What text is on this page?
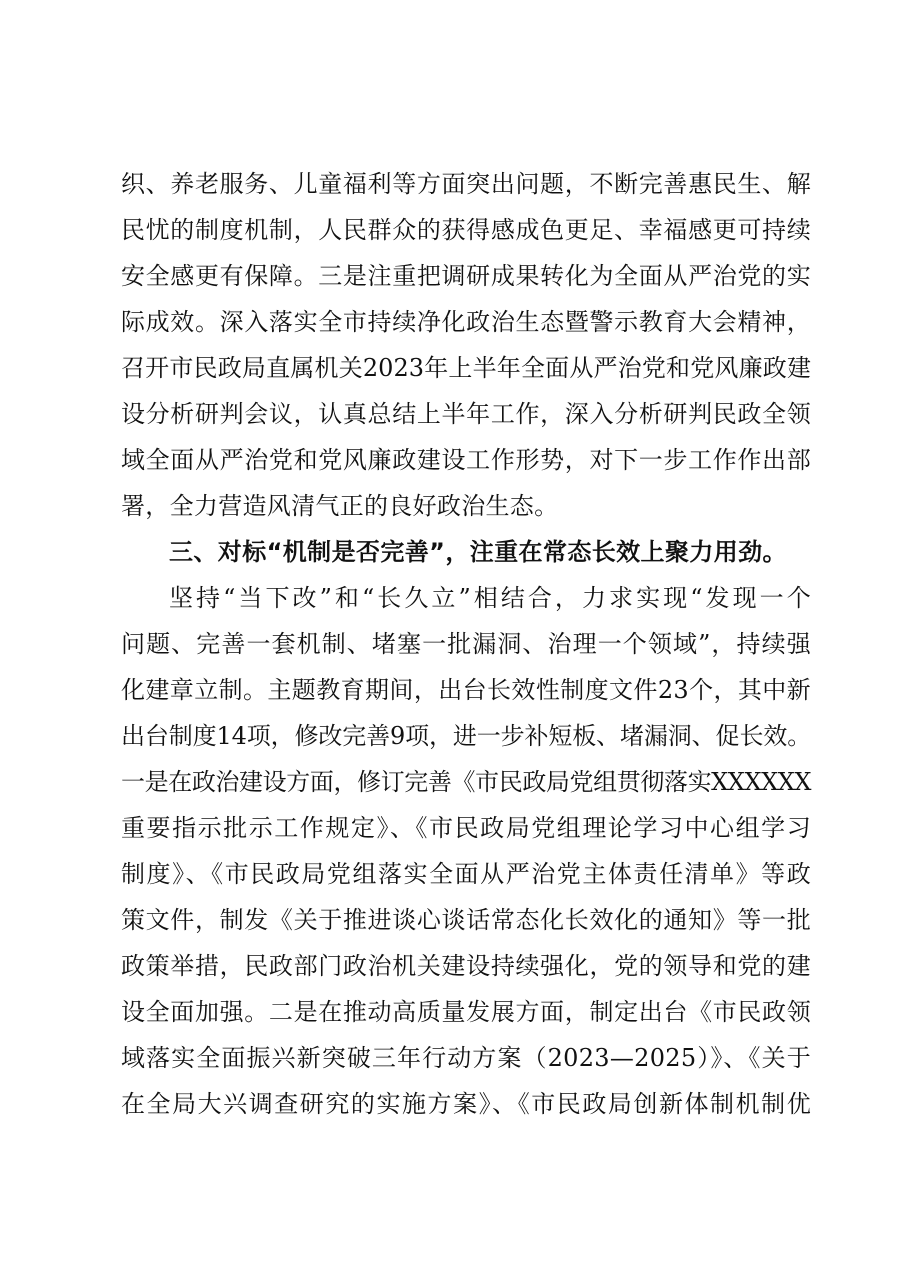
织、养老服务、儿童福利等方面突出问题，不断完善惠民生、解
民忧的制度机制，人民群众的获得感成色更足、幸福感更可持续
安全感更有保障。三是注重把调研成果转化为全面从严治党的实
际成效。深入落实全市持续净化政治生态暨警示教育大会精神，
召开市民政局直属机关2023年上半年全面从严治党和党风廉政建
设分析研判会议，认真总结上半年工作，深入分析研判民政全领
域全面从严治党和党风廉政建设工作形势，对下一步工作作出部
署，全力营造风清气正的良好政治生态。
三、对标“机制是否完善”，注重在常态长效上聚力用劲。
坚持“当下改”和“长久立”相结合，力求实现“发现一个
问题、完善一套机制、堵塞一批漏洞、治理一个领域”，持续强
化建章立制。主题教育期间，出台长效性制度文件23个，其中新
出台制度14项，修改完善9项，进一步补短板、堵漏洞、促长效。
一是在政治建设方面，修订完善《市民政局党组贯彻落实XXXXXX
重要指示批示工作规定》、《市民政局党组理论学习中心组学习
制度》、《市民政局党组落实全面从严治党主体责任清单》等政
策文件，制发《关于推进谈心谈话常态化长效化的通知》等一批
政策举措，民政部门政治机关建设持续强化，党的领导和党的建
设全面加强。二是在推动高质量发展方面，制定出台《市民政领
域落实全面振兴新突破三年行动方案（2023—2025）》、《关于
在全局大兴调查研究的实施方案》、《市民政局创新体制机制优
